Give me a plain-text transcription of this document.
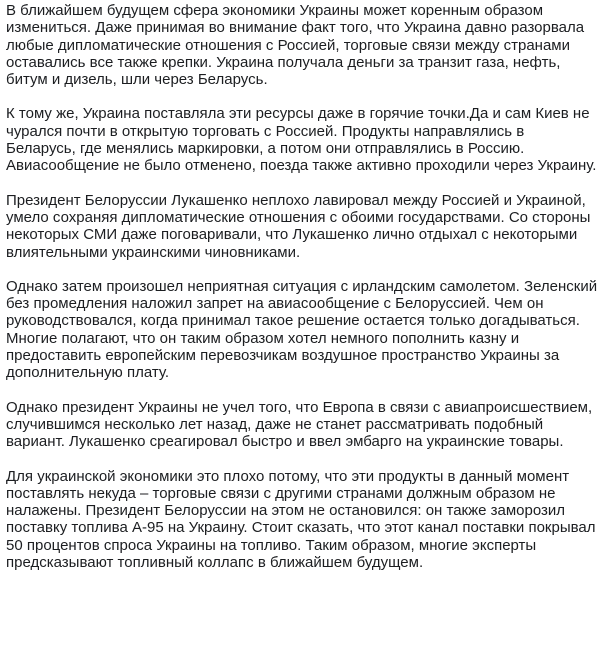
В ближайшем будущем сфера экономики Украины может коренным образом измениться. Даже принимая во внимание факт того, что Украина давно разорвала любые дипломатические отношения с Россией, торговые связи между странами оставались все также крепки. Украина получала деньги за транзит газа, нефть, битум и дизель, шли через Беларусь.

К тому же, Украина поставляла эти ресурсы даже в горячие точки.Да и сам Киев не чурался почти в открытую торговать с Россией. Продукты направлялись в Беларусь, где менялись маркировки, а потом они отправлялись в Россию. Авиасообщение не было отменено, поезда также активно проходили через Украину.

Президент Белоруссии Лукашенко неплохо лавировал между Россией и Украиной, умело сохраняя дипломатические отношения с обоими государствами. Со стороны некоторых СМИ даже поговаривали, что Лукашенко лично отдыхал с некоторыми влиятельными украинскими чиновниками.

Однако затем произошел неприятная ситуация с ирландским самолетом. Зеленский без промедления наложил запрет на авиасообщение с Белоруссией. Чем он руководствовался, когда принимал такое решение остается только догадываться. Многие полагают, что он таким образом хотел немного пополнить казну и предоставить европейским перевозчикам воздушное пространство Украины за дополнительную плату.

Однако президент Украины не учел того, что Европа в связи с авиапроисшествием, случившимся несколько лет назад, даже не станет рассматривать подобный вариант. Лукашенко среагировал быстро и ввел эмбарго на украинские товары.

Для украинской экономики это плохо потому, что эти продукты в данный момент поставлять некуда – торговые связи с другими странами должным образом не налажены. Президент Белоруссии на этом не остановился: он также заморозил поставку топлива А-95 на Украину. Стоит сказать, что этот канал поставки покрывал 50 процентов спроса Украины на топливо. Таким образом, многие эксперты предсказывают топливный коллапс в ближайшем будущем.
